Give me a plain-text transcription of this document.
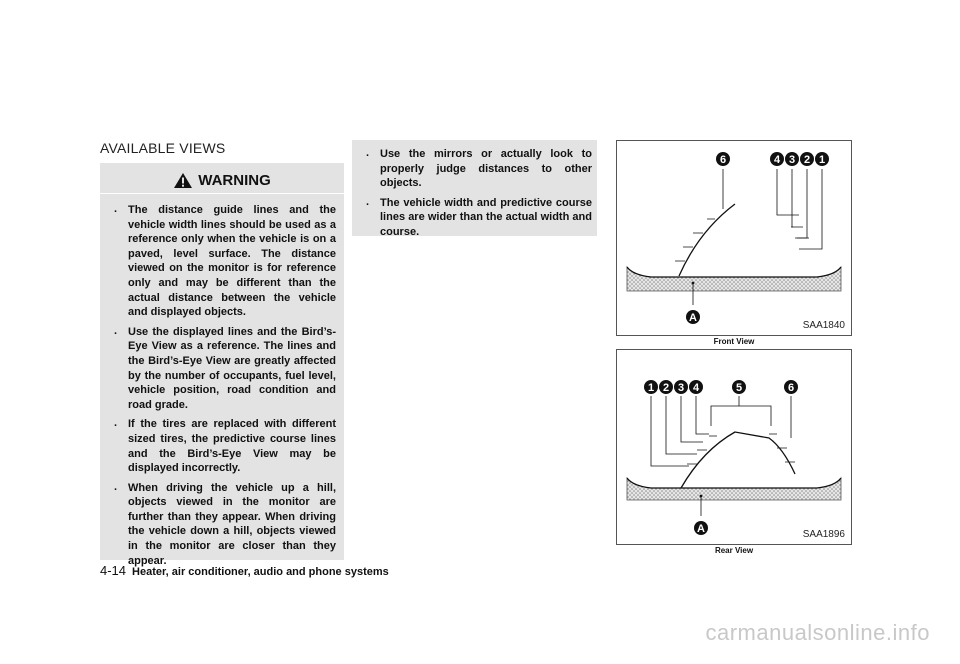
AVAILABLE VIEWS
WARNING
. The distance guide lines and the vehicle width lines should be used as a reference only when the vehicle is on a paved, level surface. The distance viewed on the monitor is for reference only and may be different than the actual distance between the vehicle and displayed objects.
. Use the displayed lines and the Bird’s-Eye View as a reference. The lines and the Bird’s-Eye View are greatly affected by the number of occupants, fuel level, vehicle position, road condition and road grade.
. If the tires are replaced with different sized tires, the predictive course lines and the Bird’s-Eye View may be displayed incorrectly.
. When driving the vehicle up a hill, objects viewed in the monitor are further than they appear. When driving the vehicle down a hill, objects viewed in the monitor are closer than they appear.
. Use the mirrors or actually look to properly judge distances to other objects.
. The vehicle width and predictive course lines are wider than the actual width and course.
6	4 3 2 1
A
SAA1840
Front View
1 2 3 4	5	6
A	SAA1896
Rear View
4-14 Heater, air conditioner, audio and phone systems
carmanualsonline.info
